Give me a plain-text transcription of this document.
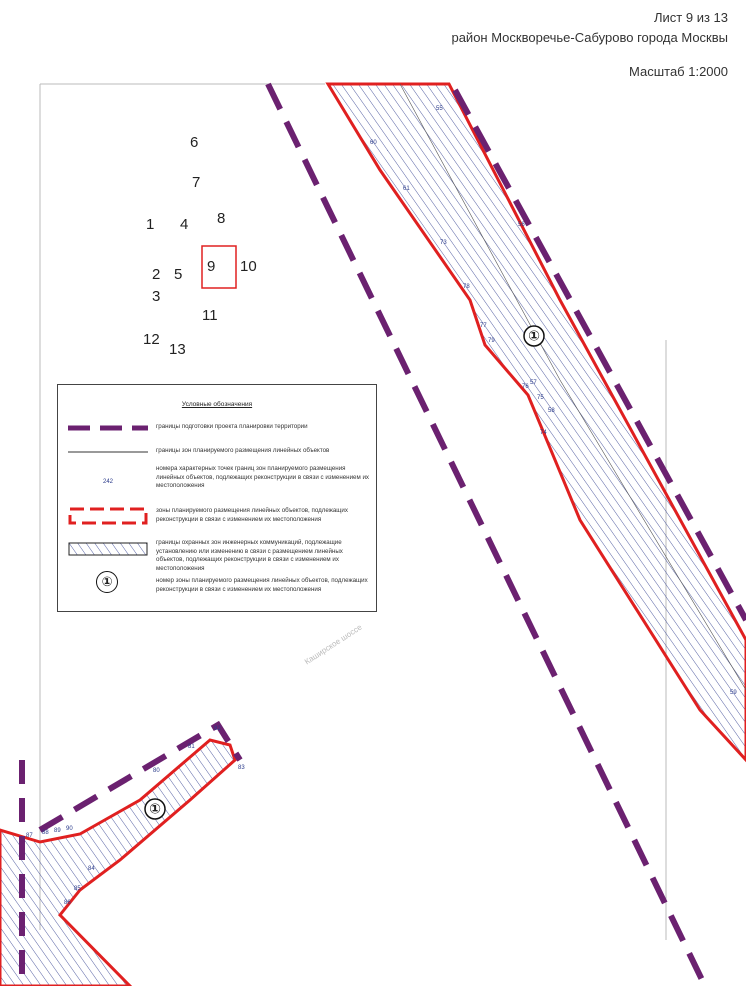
Лист 9 из 13
район Москворечье-Сабурово города Москвы
Масштаб 1:2000
①
①
6
7
1 4 8
9 10
2 5
3
11
12
13
55
56
57
58
59
60
61
73
74
75
76
77
78
79
80
81
82
83
84
85
86
87 88 89 90
Каширское шоссе
Условные обозначения
границы подготовки проекта планировки территории
границы зон планируемого размещения линейных объектов
242
номера характерных точек границ зон планируемого размещения линейных объектов, подлежащих реконструкции в связи с изменением их местоположения
зоны планируемого размещения линейных объектов, подлежащих реконструкции в связи с изменением их местоположения
границы охранных зон инженерных коммуникаций, подлежащие установлению или изменению в связи с размещением линейных объектов, подлежащих реконструкции в связи с изменением их местоположения
①	номер зоны планируемого размещения линейных объектов, подлежащих реконструкции в связи с изменением их местоположения
